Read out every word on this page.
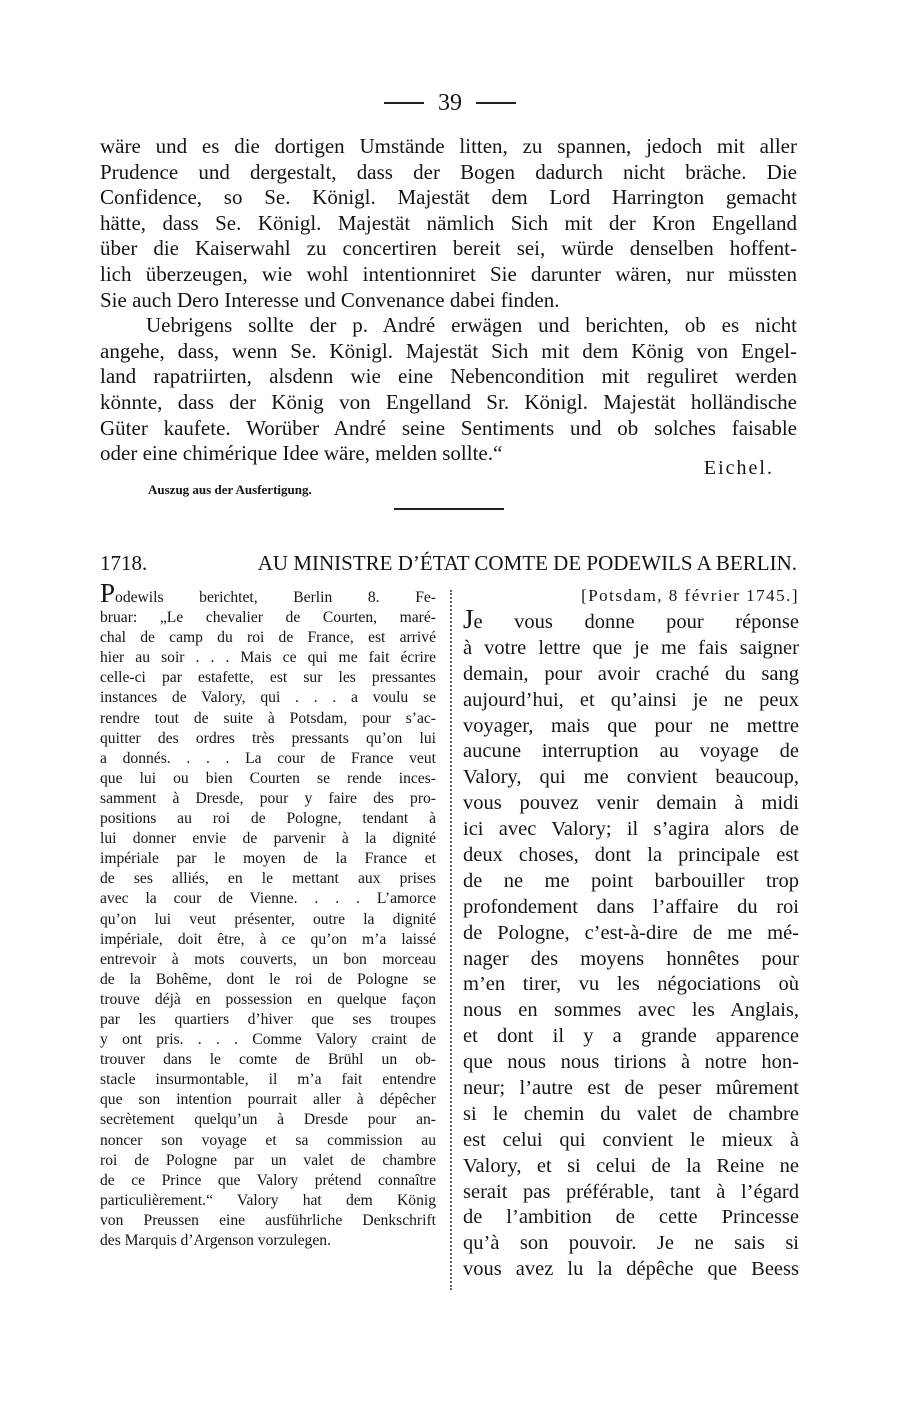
39
wäre und es die dortigen Umstände litten, zu spannen, jedoch mit aller
Prudence und dergestalt, dass der Bogen dadurch nicht bräche. Die
Confidence, so Se. Königl. Majestät dem Lord Harrington gemacht
hätte, dass Se. Königl. Majestät nämlich Sich mit der Kron Engelland
über die Kaiserwahl zu concertiren bereit sei, würde denselben hoffent-
lich überzeugen, wie wohl intentionniret Sie darunter wären, nur müssten
Sie auch Dero Interesse und Convenance dabei finden.
Uebrigens sollte der p. André erwägen und berichten, ob es nicht
angehe, dass, wenn Se. Königl. Majestät Sich mit dem König von Engel-
land rapatriirten, alsdenn wie eine Nebencondition mit reguliret werden
könnte, dass der König von Engelland Sr. Königl. Majestät holländische
Güter kaufete. Worüber André seine Sentiments und ob solches faisable
oder eine chimérique Idee wäre, melden sollte.“
Eichel.
Auszug aus der Ausfertigung.
1718.	AU MINISTRE D’ÉTAT COMTE DE PODEWILS A BERLIN.
Podewils berichtet, Berlin 8. Fe-
bruar: „Le chevalier de Courten, maré-
chal de camp du roi de France, est arrivé
hier au soir . . . Mais ce qui me fait écrire
celle-ci par estafette, est sur les pressantes
instances de Valory, qui . . . a voulu se
rendre tout de suite à Potsdam, pour s’ac-
quitter des ordres très pressants qu’on lui
a donnés. . . . La cour de France veut
que lui ou bien Courten se rende inces-
samment à Dresde, pour y faire des pro-
positions au roi de Pologne, tendant à
lui donner envie de parvenir à la dignité
impériale par le moyen de la France et
de ses alliés, en le mettant aux prises
avec la cour de Vienne. . . . L’amorce
qu’on lui veut présenter, outre la dignité
impériale, doit être, à ce qu’on m’a laissé
entrevoir à mots couverts, un bon morceau
de la Bohême, dont le roi de Pologne se
trouve déjà en possession en quelque façon
par les quartiers d’hiver que ses troupes
y ont pris. . . . Comme Valory craint de
trouver dans le comte de Brühl un ob-
stacle insurmontable, il m’a fait entendre
que son intention pourrait aller à dépêcher
secrètement quelqu’un à Dresde pour an-
noncer son voyage et sa commission au
roi de Pologne par un valet de chambre
de ce Prince que Valory prétend connaître
particulièrement.“ Valory hat dem König
von Preussen eine ausführliche Denkschrift
des Marquis d’Argenson vorzulegen.
[Potsdam, 8 février 1745.]
Je vous donne pour réponse
à votre lettre que je me fais saigner
demain, pour avoir craché du sang
aujourd’hui, et qu’ainsi je ne peux
voyager, mais que pour ne mettre
aucune interruption au voyage de
Valory, qui me convient beaucoup,
vous pouvez venir demain à midi
ici avec Valory; il s’agira alors de
deux choses, dont la principale est
de ne me point barbouiller trop
profondement dans l’affaire du roi
de Pologne, c’est-à-dire de me mé-
nager des moyens honnêtes pour
m’en tirer, vu les négociations où
nous en sommes avec les Anglais,
et dont il y a grande apparence
que nous nous tirions à notre hon-
neur; l’autre est de peser mûrement
si le chemin du valet de chambre
est celui qui convient le mieux à
Valory, et si celui de la Reine ne
serait pas préférable, tant à l’égard
de l’ambition de cette Princesse
qu’à son pouvoir. Je ne sais si
vous avez lu la dépêche que Beess
